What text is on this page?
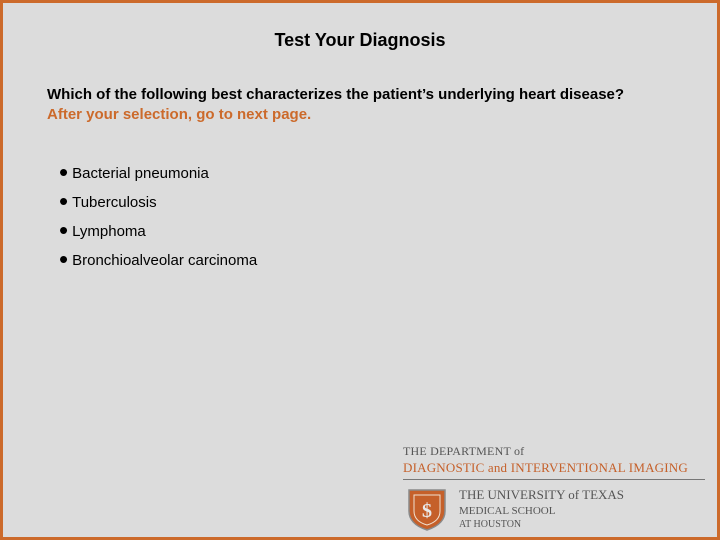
Test Your Diagnosis
Which of the following best characterizes the patient’s underlying heart disease? After your selection, go to next page.
• Bacterial pneumonia
• Tuberculosis
• Lymphoma
• Bronchioalveolar carcinoma
THE DEPARTMENT of
DIAGNOSTIC and INTERVENTIONAL IMAGING
$
THE UNIVERSITY of TEXAS
MEDICAL SCHOOL
AT HOUSTON
